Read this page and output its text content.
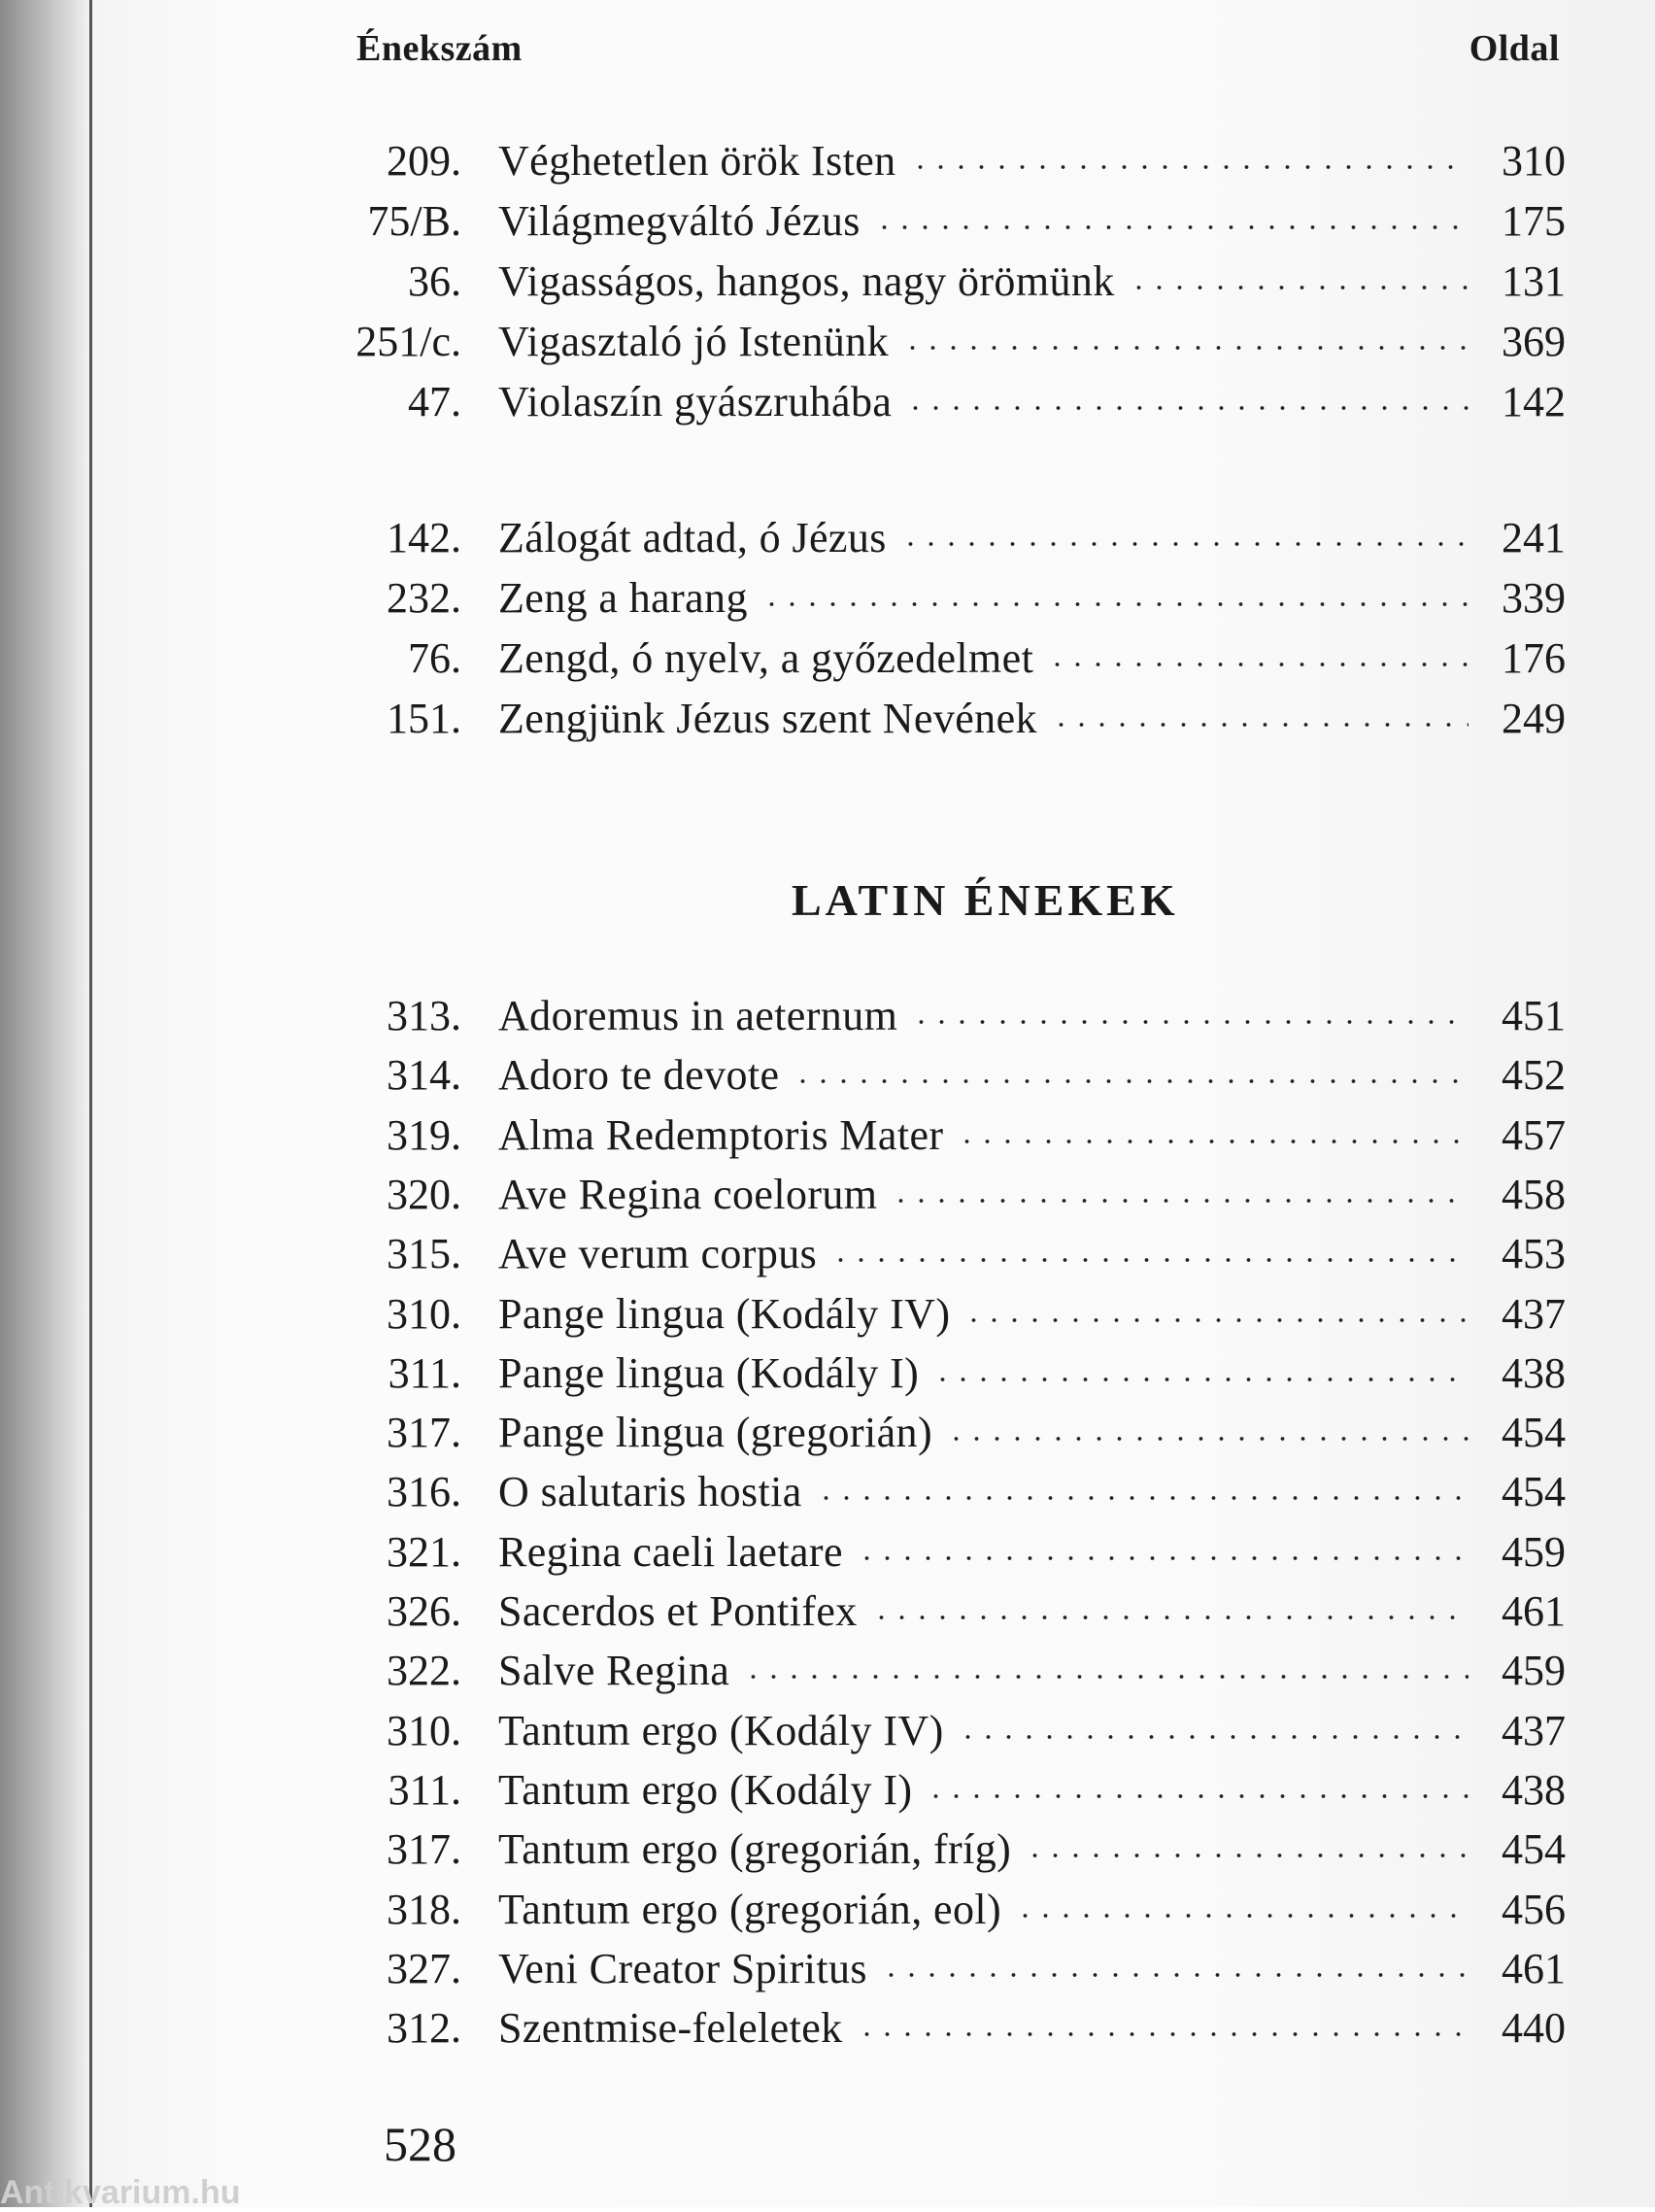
Énekszám	Oldal
209. Véghetetlen örök Isten	310
75/B. Világmegváltó Jézus	175
36. Vigasságos, hangos, nagy örömünk	131
251/c. Vigasztaló jó Istenünk	369
47. Violaszín gyászruhába	142
142. Zálogát adtad, ó Jézus	241
232. Zeng a harang	339
76. Zengd, ó nyelv, a győzedelmet	176
151. Zengjünk Jézus szent Nevének	249
313. Adoremus in aeternum	451
314. Adoro te devote	452
319. Alma Redemptoris Mater	457
320. Ave Regina coelorum	458
315. Ave verum corpus	453
310. Pange lingua (Kodály IV)	437
311. Pange lingua (Kodály I)	438
317. Pange lingua (gregorián)	454
316. O salutaris hostia	454
321. Regina caeli laetare	459
326. Sacerdos et Pontifex	461
322. Salve Regina	459
310. Tantum ergo (Kodály IV)	437
311. Tantum ergo (Kodály I)	438
317. Tantum ergo (gregorián, fríg)	454
318. Tantum ergo (gregorián, eol)	456
327. Veni Creator Spiritus	461
312. Szentmise-feleletek	440
LATIN ÉNEKEK
528
Antikvarium.hu
